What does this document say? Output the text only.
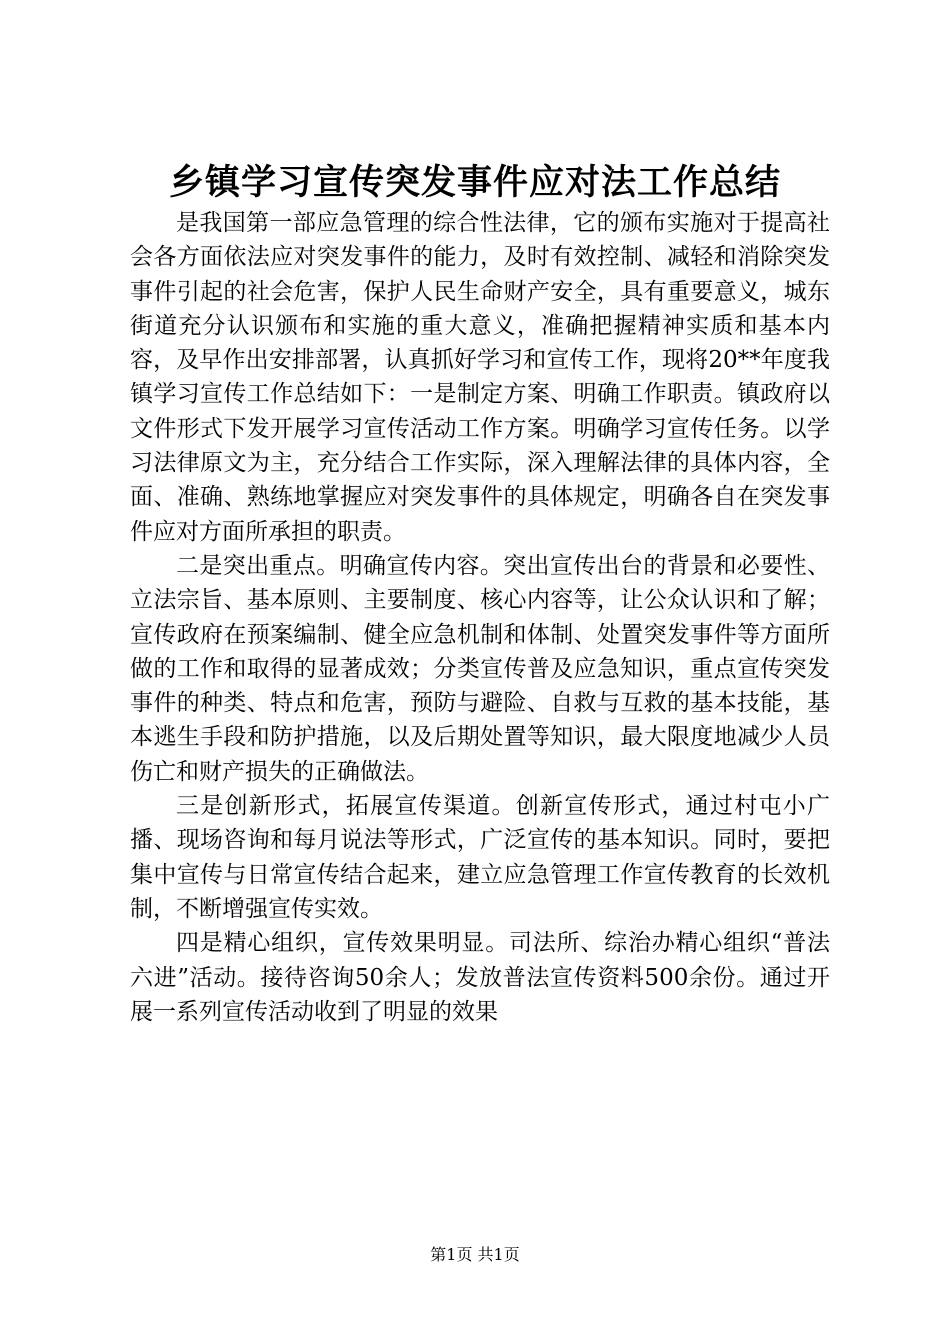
乡镇学习宣传突发事件应对法工作总结

是我国第一部应急管理的综合性法律，它的颁布实施对于提高社会各方面依法应对突发事件的能力，及时有效控制、减轻和消除突发事件引起的社会危害，保护人民生命财产安全，具有重要意义，城东街道充分认识颁布和实施的重大意义，准确把握精神实质和基本内容，及早作出安排部署，认真抓好学习和宣传工作，现将20**年度我镇学习宣传工作总结如下：一是制定方案、明确工作职责。镇政府以文件形式下发开展学习宣传活动工作方案。明确学习宣传任务。以学习法律原文为主，充分结合工作实际，深入理解法律的具体内容，全面、准确、熟练地掌握应对突发事件的具体规定，明确各自在突发事件应对方面所承担的职责。

二是突出重点。明确宣传内容。突出宣传出台的背景和必要性、立法宗旨、基本原则、主要制度、核心内容等，让公众认识和了解；宣传政府在预案编制、健全应急机制和体制、处置突发事件等方面所做的工作和取得的显著成效；分类宣传普及应急知识，重点宣传突发事件的种类、特点和危害，预防与避险、自救与互救的基本技能，基本逃生手段和防护措施，以及后期处置等知识，最大限度地减少人员伤亡和财产损失的正确做法。

三是创新形式，拓展宣传渠道。创新宣传形式，通过村屯小广播、现场咨询和每月说法等形式，广泛宣传的基本知识。同时，要把集中宣传与日常宣传结合起来，建立应急管理工作宣传教育的长效机制，不断增强宣传实效。

四是精心组织，宣传效果明显。司法所、综治办精心组织“普法六进”活动。接待咨询50余人；发放普法宣传资料500余份。通过开展一系列宣传活动收到了明显的效果

第1页 共1页
